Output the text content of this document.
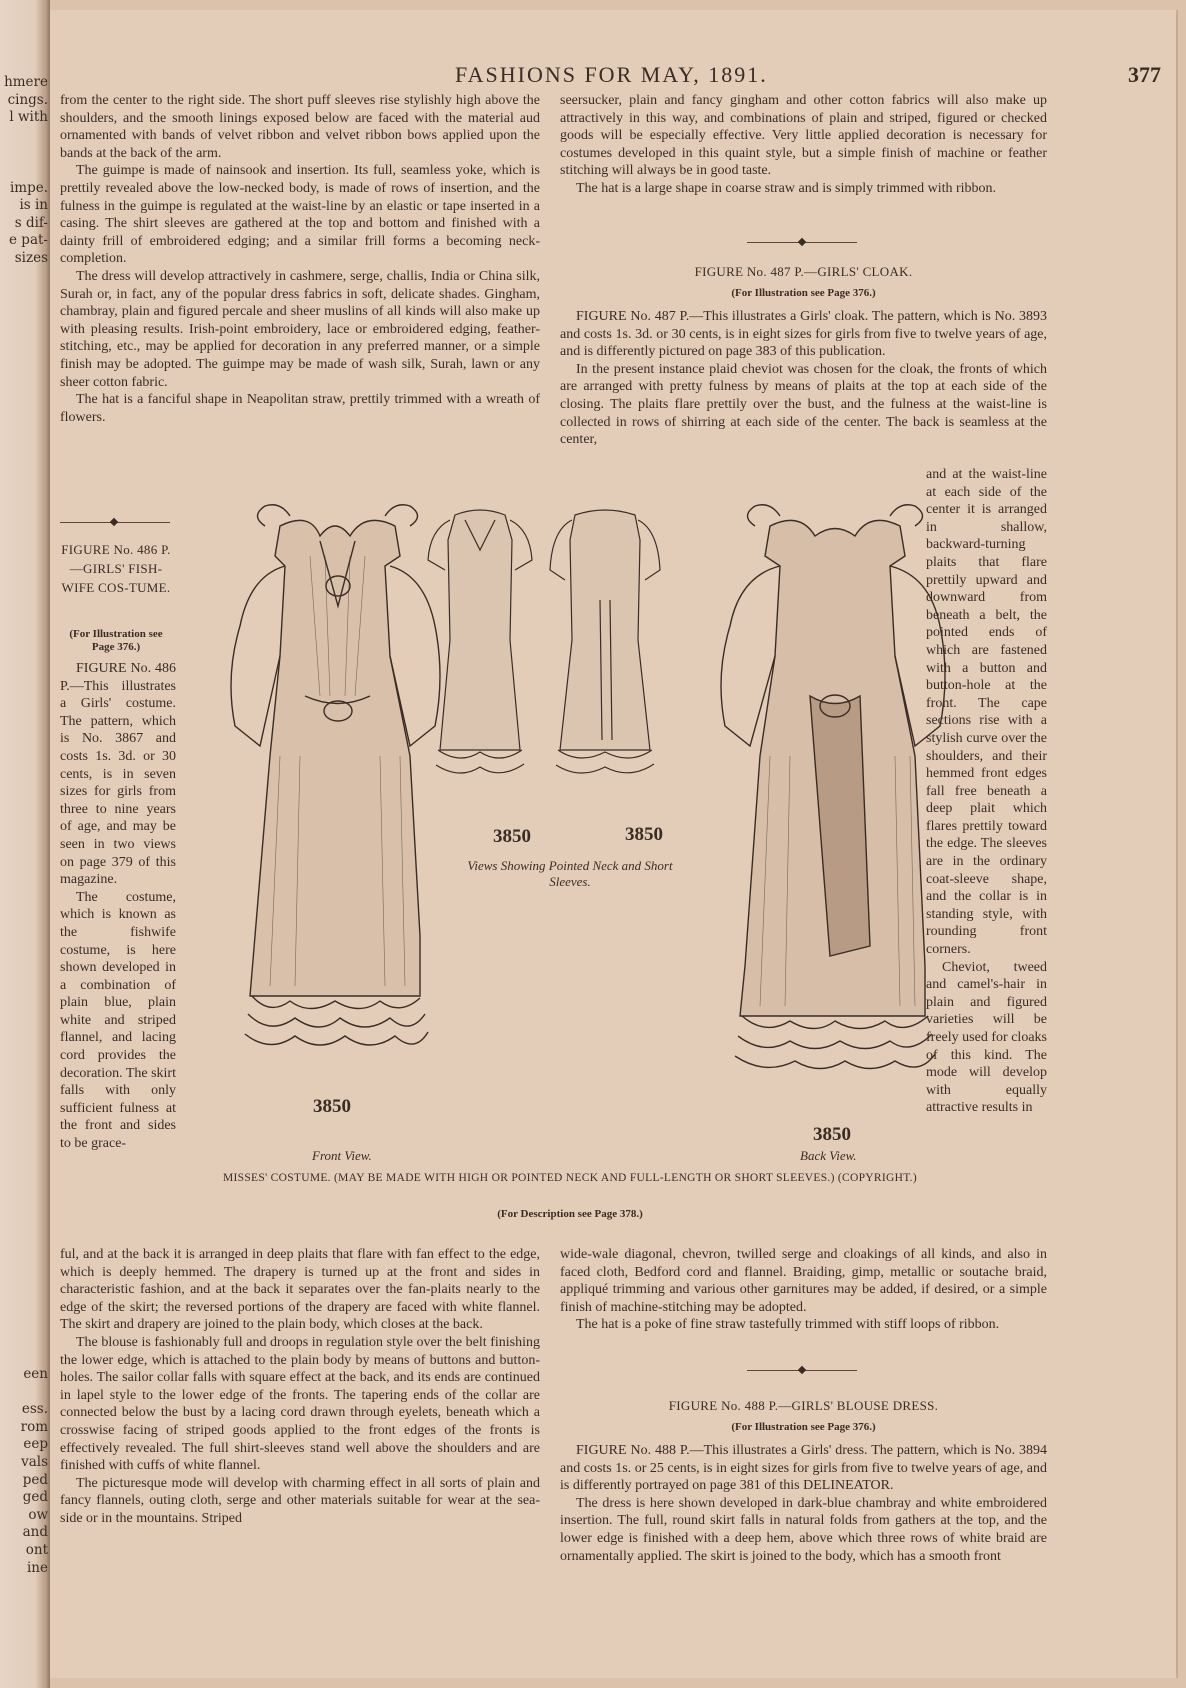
hmere
cings.
l with
impe.
is in
s dif-
e pat-
sizes
een
ess.
rom
eep
vals
ped
ged
ow
and
ont
ine
FASHIONS FOR MAY, 1891.	377

from the center to the right side. The short puff sleeves rise stylishly high above the shoulders, and the smooth linings exposed below are faced with the material aud ornamented with bands of velvet ribbon and velvet ribbon bows applied upon the bands at the back of the arm.

The guimpe is made of nainsook and insertion. Its full, seamless yoke, which is prettily revealed above the low-necked body, is made of rows of insertion, and the fulness in the guimpe is regulated at the waist-line by an elastic or tape inserted in a casing. The shirt sleeves are gathered at the top and bottom and finished with a dainty frill of embroidered edging; and a similar frill forms a becoming neck-completion.

The dress will develop attractively in cashmere, serge, challis, India or China silk, Surah or, in fact, any of the popular dress fabrics in soft, delicate shades. Gingham, chambray, plain and figured percale and sheer muslins of all kinds will also make up with pleasing results. Irish-point embroidery, lace or embroidered edging, feather-stitching, etc., may be applied for decoration in any preferred manner, or a simple finish may be adopted. The guimpe may be made of wash silk, Surah, lawn or any sheer cotton fabric.

The hat is a fanciful shape in Neapolitan straw, prettily trimmed with a wreath of flowers.

seersucker, plain and fancy gingham and other cotton fabrics will also make up attractively in this way, and combinations of plain and striped, figured or checked goods will be especially effective. Very little applied decoration is necessary for costumes developed in this quaint style, but a simple finish of machine or feather stitching will always be in good taste.

The hat is a large shape in coarse straw and is simply trimmed with ribbon.

FIGURE No. 487 P.—GIRLS' CLOAK.
(For Illustration see Page 376.)

FIGURE No. 487 P.—This illustrates a Girls' cloak. The pattern, which is No. 3893 and costs 1s. 3d. or 30 cents, is in eight sizes for girls from five to twelve years of age, and is differently pictured on page 383 of this publication.

In the present instance plaid cheviot was chosen for the cloak, the fronts of which are arranged with pretty fulness by means of plaits at the top at each side of the closing. The plaits flare prettily over the bust, and the fulness at the waist-line is collected in rows of shirring at each side of the center. The back is seamless at the center,

and at the waist-line at each side of the center it is arranged in shallow, backward-turning plaits that flare prettily upward and downward from beneath a belt, the pointed ends of which are fastened with a button and button-hole at the front. The cape sections rise with a stylish curve over the shoulders, and their hemmed front edges fall free beneath a deep plait which flares prettily toward the edge. The sleeves are in the ordinary coat-sleeve shape, and the collar is in standing style, with rounding front corners.

Cheviot, tweed and camel's-hair in plain and figured varieties will be freely used for cloaks of this kind. The mode will develop with equally attractive results in

FIGURE No. 486 P. —GIRLS' FISH-WIFE COS-TUME.
(For Illustration see Page 376.)

FIGURE No. 486 P.—This illustrates a Girls' costume. The pattern, which is No. 3867 and costs 1s. 3d. or 30 cents, is in seven sizes for girls from three to nine years of age, and may be seen in two views on page 379 of this magazine.

The costume, which is known as the fishwife costume, is here shown developed in a combination of plain blue, plain white and striped flannel, and lacing cord provides the decoration. The skirt falls with only sufficient fulness at the front and sides to be grace-

3850
3850	3850
3850
Views Showing Pointed Neck and Short Sleeves.
Front View.	Back View.
MISSES' COSTUME. (MAY BE MADE WITH HIGH OR POINTED NECK AND FULL-LENGTH OR SHORT SLEEVES.) (COPYRIGHT.)
(For Description see Page 378.)

ful, and at the back it is arranged in deep plaits that flare with fan effect to the edge, which is deeply hemmed. The drapery is turned up at the front and sides in characteristic fashion, and at the back it separates over the fan-plaits nearly to the edge of the skirt; the reversed portions of the drapery are faced with white flannel. The skirt and drapery are joined to the plain body, which closes at the back.

The blouse is fashionably full and droops in regulation style over the belt finishing the lower edge, which is attached to the plain body by means of buttons and button-holes. The sailor collar falls with square effect at the back, and its ends are continued in lapel style to the lower edge of the fronts. The tapering ends of the collar are connected below the bust by a lacing cord drawn through eyelets, beneath which a crosswise facing of striped goods applied to the front edges of the fronts is effectively revealed. The full shirt-sleeves stand well above the shoulders and are finished with cuffs of white flannel.

The picturesque mode will develop with charming effect in all sorts of plain and fancy flannels, outing cloth, serge and other materials suitable for wear at the sea-side or in the mountains. Striped

wide-wale diagonal, chevron, twilled serge and cloakings of all kinds, and also in faced cloth, Bedford cord and flannel. Braiding, gimp, metallic or soutache braid, appliqué trimming and various other garnitures may be added, if desired, or a simple finish of machine-stitching may be adopted.

The hat is a poke of fine straw tastefully trimmed with stiff loops of ribbon.

FIGURE No. 488 P.—GIRLS' BLOUSE DRESS.
(For Illustration see Page 376.)

FIGURE No. 488 P.—This illustrates a Girls' dress. The pattern, which is No. 3894 and costs 1s. or 25 cents, is in eight sizes for girls from five to twelve years of age, and is differently portrayed on page 381 of this DELINEATOR.

The dress is here shown developed in dark-blue chambray and white embroidered insertion. The full, round skirt falls in natural folds from gathers at the top, and the lower edge is finished with a deep hem, above which three rows of white braid are ornamentally applied. The skirt is joined to the body, which has a smooth front
